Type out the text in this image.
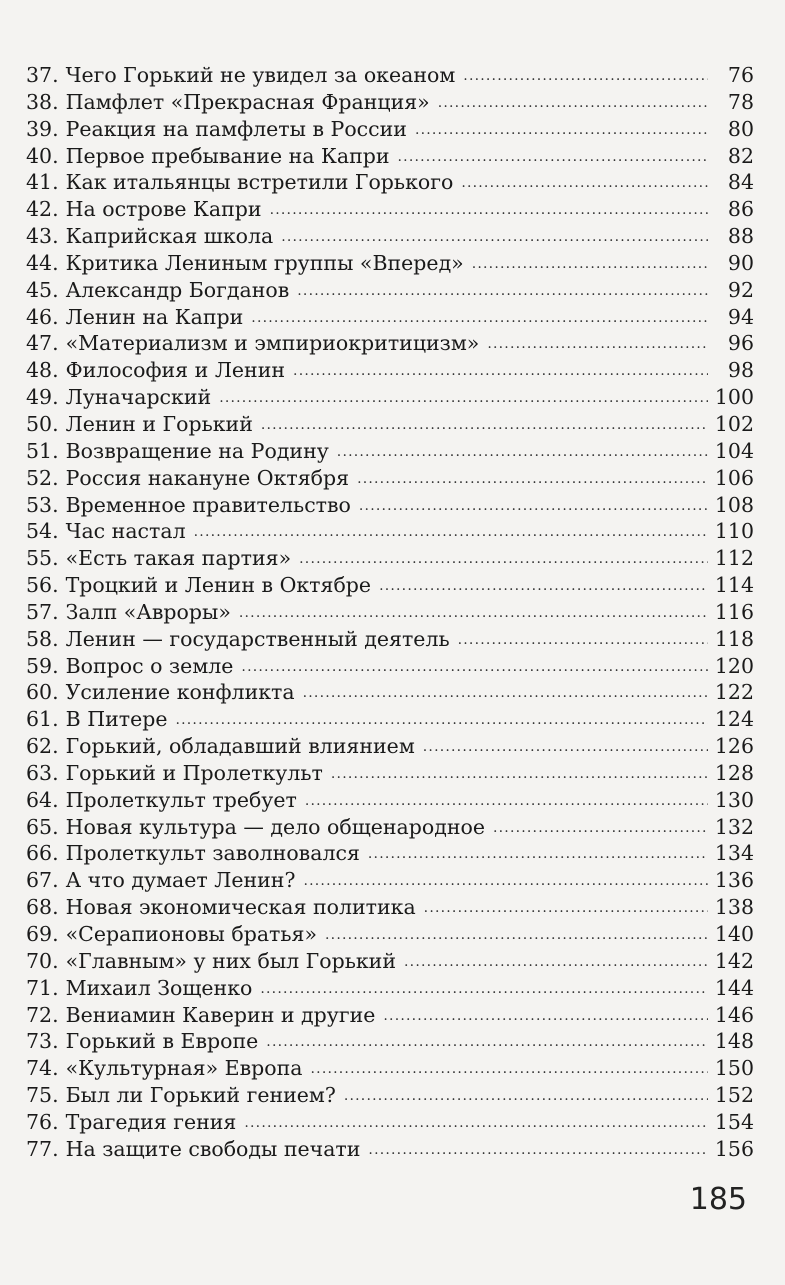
37. Чего Горький не увидел за океаном .....	76
38. Памфлет «Прекрасная Франция» .....	78
39. Реакция на памфлеты в России .....	80
40. Первое пребывание на Капри .....	82
41. Как итальянцы встретили Горького .....	84
42. На острове Капри .....	86
43. Каприйская школа .....	88
44. Критика Лениным группы «Вперед» .....	90
45. Александр Богданов .....	92
46. Ленин на Капри .....	94
47. «Материализм и эмпириокритицизм» .....	96
48. Философия и Ленин .....	98
49. Луначарский .....	100
50. Ленин и Горький .....	102
51. Возвращение на Родину .....	104
52. Россия накануне Октября .....	106
53. Временное правительство .....	108
54. Час настал .....	110
55. «Есть такая партия» .....	112
56. Троцкий и Ленин в Октябре .....	114
57. Залп «Авроры» .....	116
58. Ленин — государственный деятель .....	118
59. Вопрос о земле .....	120
60. Усиление конфликта .....	122
61. В Питере .....	124
62. Горький, обладавший влиянием .....	126
63. Горький и Пролеткульт .....	128
64. Пролеткульт требует .....	130
65. Новая культура — дело общенародное .....	132
66. Пролеткульт заволновался .....	134
67. А что думает Ленин? .....	136
68. Новая экономическая политика .....	138
69. «Серапионовы братья» .....	140
70. «Главным» у них был Горький .....	142
71. Михаил Зощенко .....	144
72. Вениамин Каверин и другие .....	146
73. Горький в Европе .....	148
74. «Культурная» Европа .....	150
75. Был ли Горький гением? .....	152
76. Трагедия гения .....	154
77. На защите свободы печати .....	156
185
